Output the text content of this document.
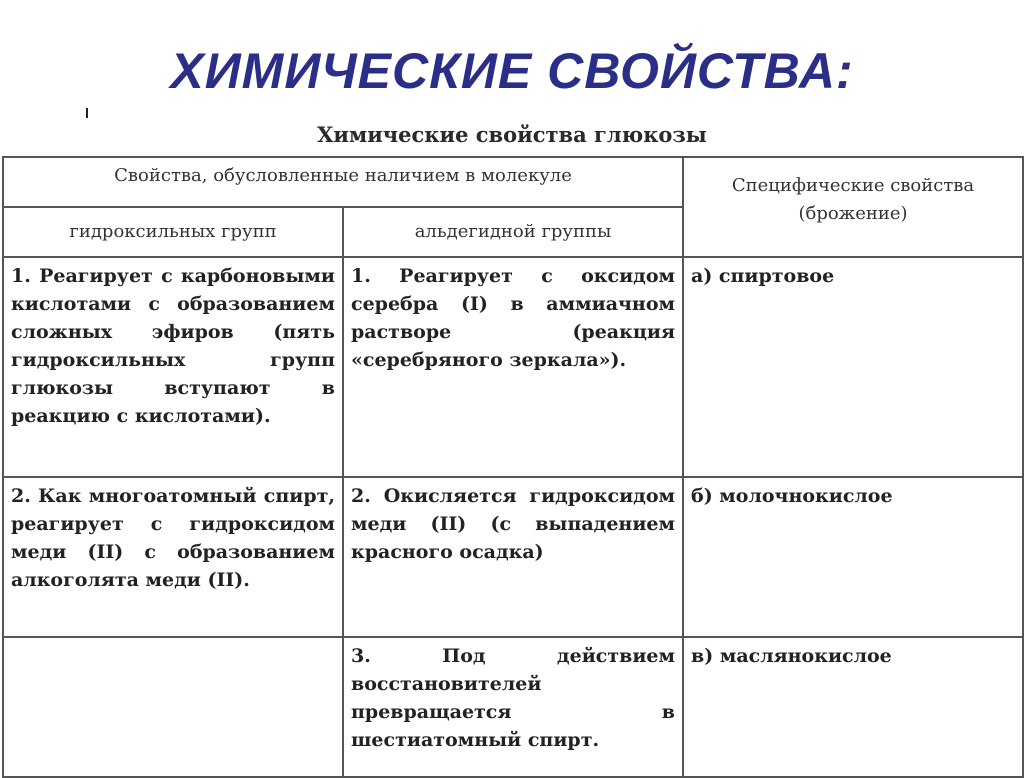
ХИМИЧЕСКИЕ СВОЙСТВА:
Химические свойства глюкозы
Свойства, обусловленные наличием в молекуле		Специфические свойства (брожение)
гидроксильных групп	альдегидной группы	
1. Реагирует с карбоновыми кислотами с образованием сложных эфиров (пять гидроксильных групп глюкозы вступают в реакцию с кислотами).	1. Реагирует с оксидом серебра (I) в аммиачном растворе (реакция «серебряного зеркала»).	а) спиртовое
2. Как многоатомный спирт, реагирует с гидроксидом меди (II) с образованием алкоголята меди (II).	2. Окисляется гидроксидом меди (II) (с выпадением красного осадка)	б) молочнокислое
	3. Под действием восстановителей превращается в шестиатомный спирт.	в) маслянокислое
